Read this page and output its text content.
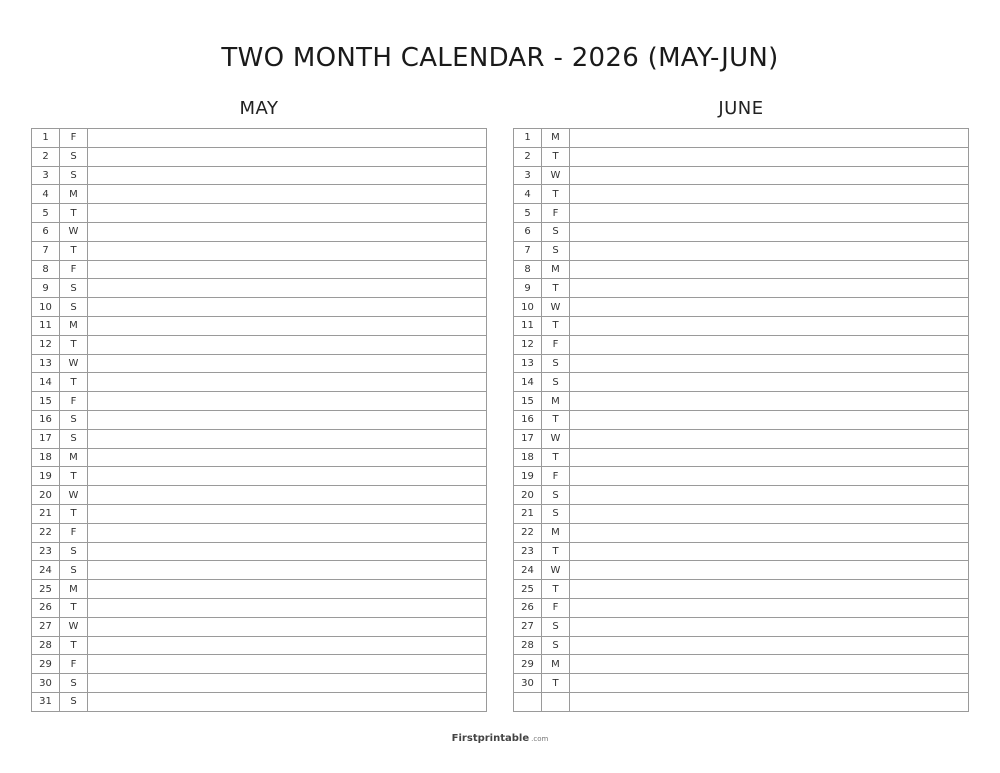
TWO MONTH CALENDAR - 2026 (MAY-JUN)
MAY
1	F	
2	S	
3	S	
4	M	
5	T	
6	W	
7	T	
8	F	
9	S	
10	S	
11	M	
12	T	
13	W	
14	T	
15	F	
16	S	
17	S	
18	M	
19	T	
20	W	
21	T	
22	F	
23	S	
24	S	
25	M	
26	T	
27	W	
28	T	
29	F	
30	S	
31	S	
JUNE
1	M	
2	T	
3	W	
4	T	
5	F	
6	S	
7	S	
8	M	
9	T	
10	W	
11	T	
12	F	
13	S	
14	S	
15	M	
16	T	
17	W	
18	T	
19	F	
20	S	
21	S	
22	M	
23	T	
24	W	
25	T	
26	F	
27	S	
28	S	
29	M	
30	T	

Firstprintable .com
